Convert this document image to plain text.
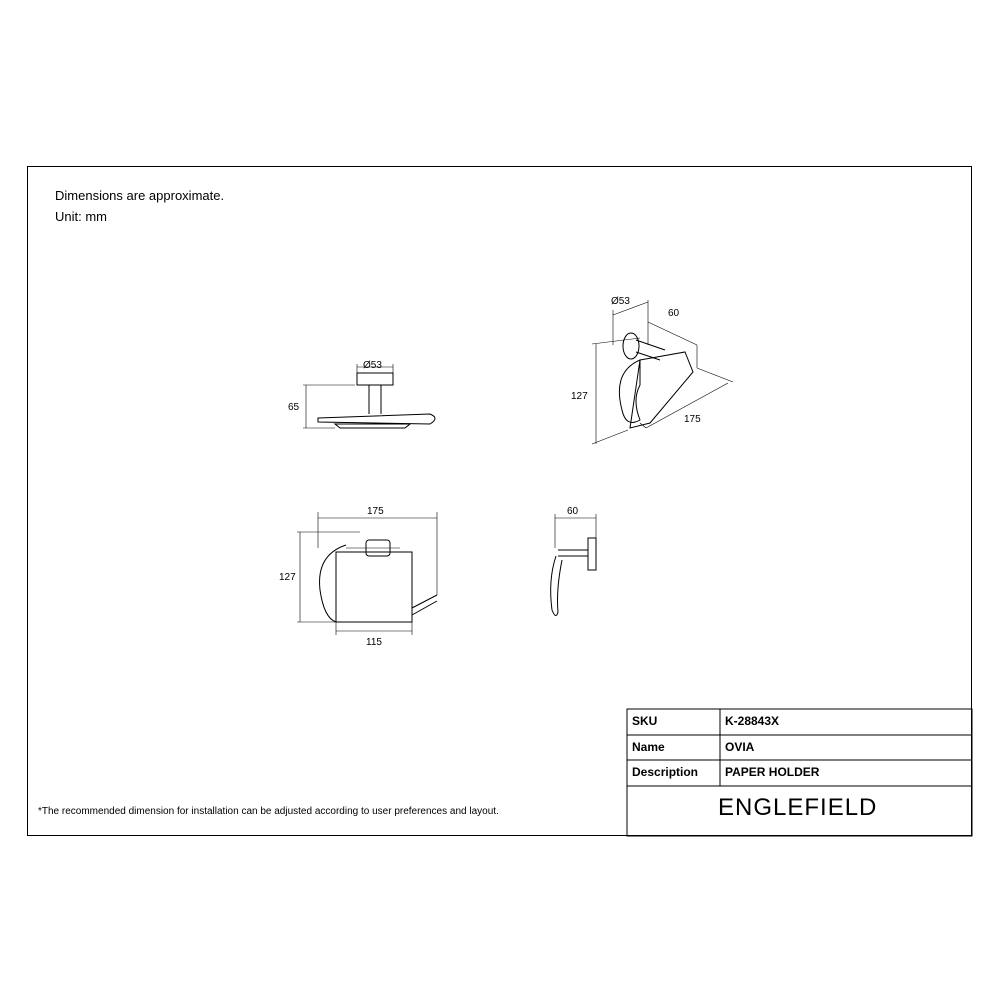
Dimensions are approximate.
Unit: mm
Ø53
65
Ø53
60
127
175
175
127
115
60
SKU	K-28843X
Name	OVIA
Description	PAPER HOLDER
ENGLEFIELD
*The recommended dimension for installation can be adjusted according to user preferences and layout.
